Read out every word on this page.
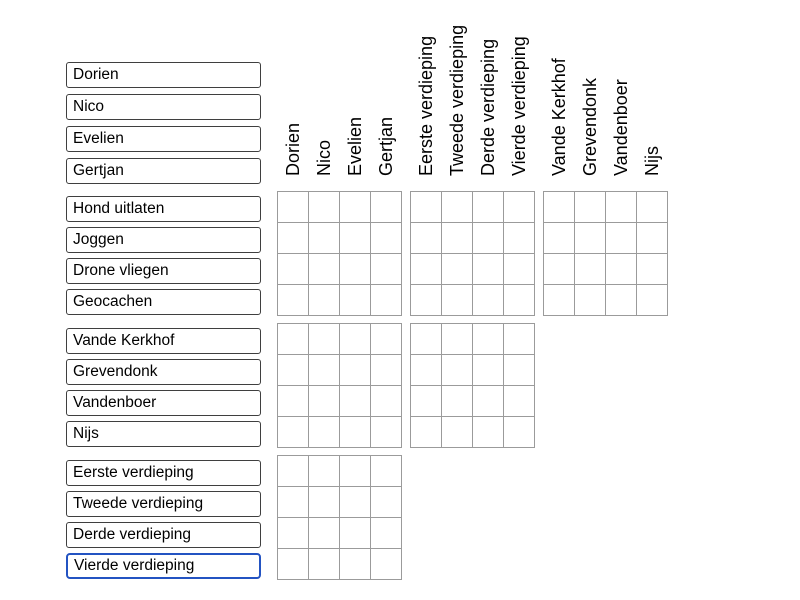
Dorien
Nico
Evelien
Gertjan
Hond uitlaten
Joggen
Drone vliegen
Geocachen
Vande Kerkhof
Grevendonk
Vandenboer
Nijs
Eerste verdieping
Tweede verdieping
Derde verdieping
Vierde verdieping
Dorien Nico Evelien Gertjan Eerste verdieping Tweede verdieping Derde verdieping Vierde verdieping Vande Kerkhof Grevendonk Vandenboer Nijs
